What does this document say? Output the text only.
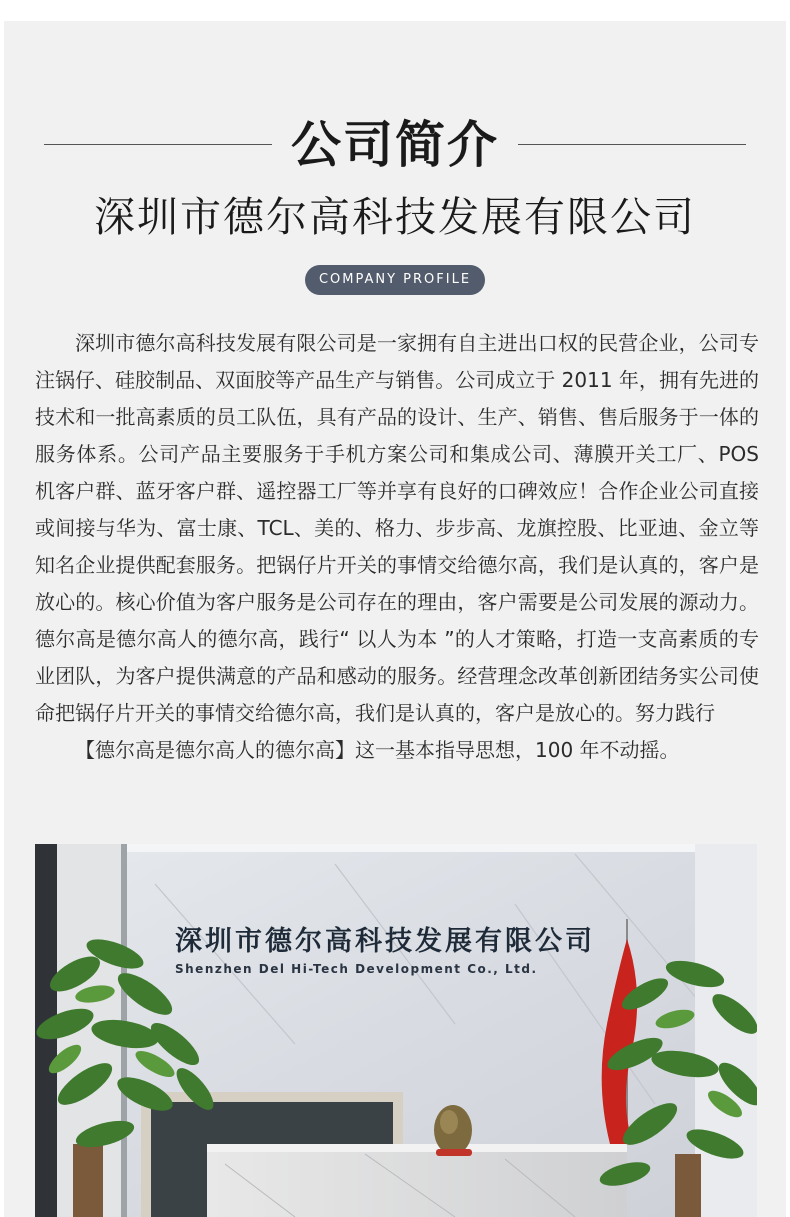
公司简介
深圳市德尔高科技发展有限公司
COMPANY PROFILE

深圳市德尔高科技发展有限公司是一家拥有自主进出口权的民营企业，公司专注锅仔、硅胶制品、双面胶等产品生产与销售。公司成立于 2011 年，拥有先进的技术和一批高素质的员工队伍，具有产品的设计、生产、销售、售后服务于一体的服务体系。公司产品主要服务于手机方案公司和集成公司、薄膜开关工厂、POS 机客户群、蓝牙客户群、遥控器工厂等并享有良好的口碑效应！合作企业公司直接或间接与华为、富士康、TCL、美的、格力、步步高、龙旗控股、比亚迪、金立等知名企业提供配套服务。把锅仔片开关的事情交给德尔高，我们是认真的，客户是放心的。核心价值为客户服务是公司存在的理由，客户需要是公司发展的源动力。德尔高是德尔高人的德尔高，践行“ 以人为本 ”的人才策略，打造一支高素质的专业团队，为客户提供满意的产品和感动的服务。经营理念改革创新团结务实公司使命把锅仔片开关的事情交给德尔高，我们是认真的，客户是放心的。努力践行

【德尔高是德尔高人的德尔高】这一基本指导思想，100 年不动摇。

深圳市德尔高科技发展有限公司
Shenzhen Del Hi-Tech Development Co., Ltd.
